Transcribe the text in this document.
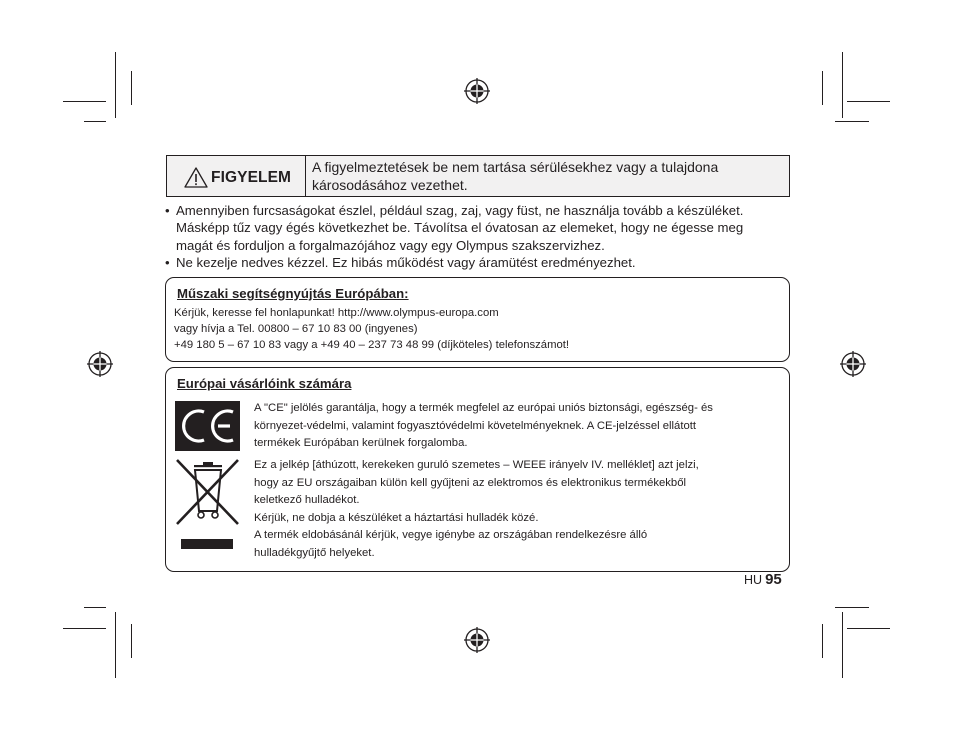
FIGYELEM
A figyelmeztetések be nem tartása sérülésekhez vagy a tulajdona
károsodásához vezethet.
• Amennyiben furcsaságokat észlel, például szag, zaj, vagy füst, ne használja tovább a készüléket.
Másképp tűz vagy égés következhet be. Távolítsa el óvatosan az elemeket, hogy ne égesse meg
magát és forduljon a forgalmazójához vagy egy Olympus szakszervizhez.
• Ne kezelje nedves kézzel. Ez hibás működést vagy áramütést eredményezhet.
Műszaki segítségnyújtás Európában:
Kérjük, keresse fel honlapunkat! http://www.olympus-europa.com
vagy hívja a Tel. 00800 – 67 10 83 00 (ingyenes)
+49 180 5 – 67 10 83 vagy a +49 40 – 237 73 48 99 (díjköteles) telefonszámot!
Európai vásárlóink számára
A "CE" jelölés garantálja, hogy a termék megfelel az európai uniós biztonsági, egészség- és
környezet-védelmi, valamint fogyasztóvédelmi követelményeknek. A CE-jelzéssel ellátott
termékek Európában kerülnek forgalomba.
Ez a jelkép [áthúzott, kerekeken guruló szemetes – WEEE irányelv IV. melléklet] azt jelzi,
hogy az EU országaiban külön kell gyűjteni az elektromos és elektronikus termékekből
keletkező hulladékot.
Kérjük, ne dobja a készüléket a háztartási hulladék közé.
A termék eldobásánál kérjük, vegye igénybe az országában rendelkezésre álló
hulladékgyűjtő helyeket.
HU 95
